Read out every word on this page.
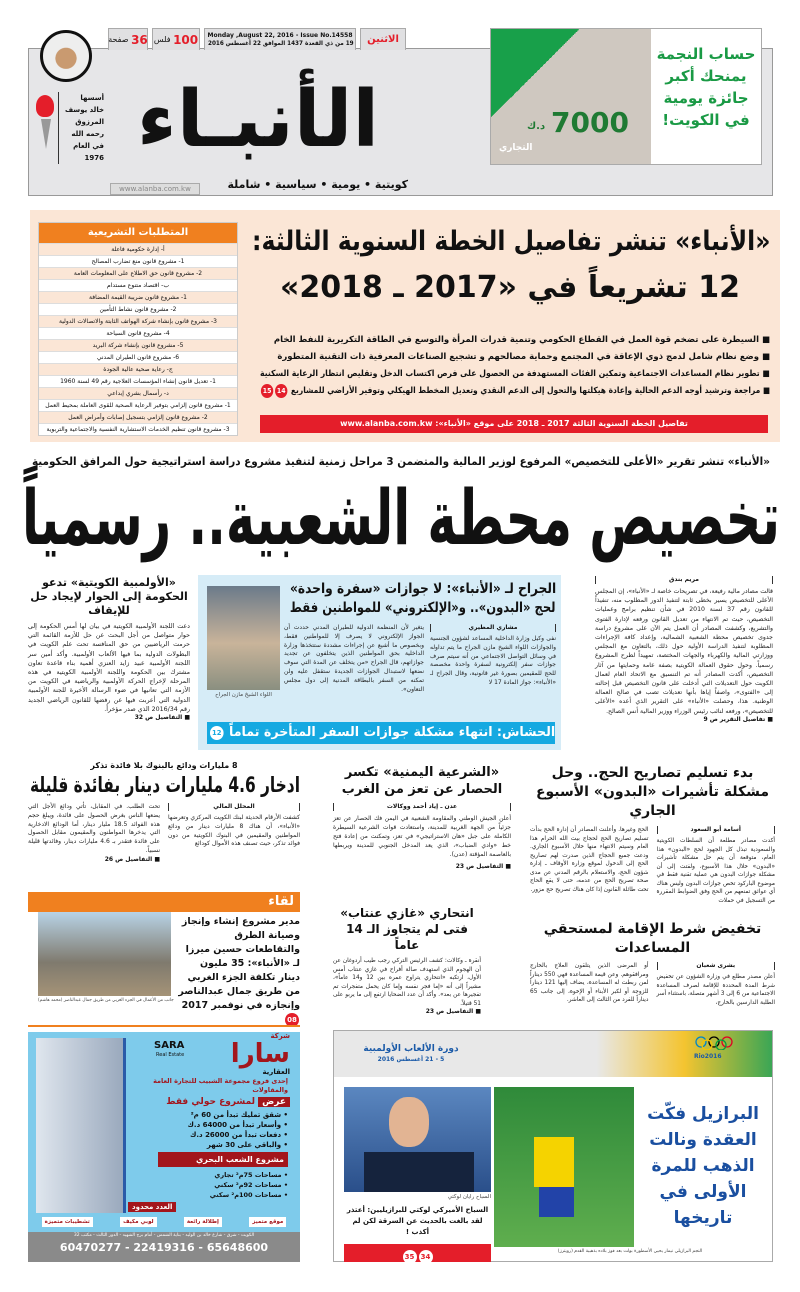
36

صفحة	100

فلس	Monday ,August 22, 2016 - Issue No.14558
19 من ذي القعدة 1437 الموافق 22 أغسطس 2016	الاثنين
أسسها
خالد يوسف
المرزوق
رحمه الله
في العام
1976 الأنبـاء
www.alanba.com.kw	كويتية • يومية • سياسية • شاملة
7000
د.ك
التجاري
حساب النجمة
يمنحك أكبر
جائزة يومية
في الكويت!
المتطلبات التشريعية
أ- إدارة حكومية فاعلة
1- مشروع قانون منع تضارب المصالح
2- مشروع قانون حق الاطلاع على المعلومات العامة
ب- اقتصاد متنوع مستدام
1- مشروع قانون ضريبة القيمة المضافة
2- مشروع قانون نشاط التأمين
3- مشروع قانون بإنشاء شركة الهواتف الثابتة والاتصالات الدولية
4- مشروع قانون السياحة
5- مشروع قانون بإنشاء شركة البريد
6- مشروع قانون الطيران المدني
ج- رعاية صحية عالية الجودة
1- تعديل قانون إنشاء المؤسسات العلاجية رقم 49 لسنة 1960
د- رأسمال بشري إبداعي
1- مشروع قانون إلزامي بتوفير الرعاية الصحية للقوى العاملة بمحيط العمل
2- مشروع قانون إلزامي بتسجيل إصابات وأمراض العمل
3- مشروع قانون تنظيم الخدمات الاستشارية النفسية والاجتماعية والتربوية
«الأنباء» تنشر تفاصيل الخطة السنوية الثالثة:
12 تشريعاً في «2017 ـ 2018»
■ السيطرة على تضخم قوة العمل في القطاع الحكومي وتنمية قدرات المرأة والتوسع في الطاقة التكريرية للنفط الخام
■ وضع نظام شامل لدمج ذوي الإعاقة في المجتمع وحماية مصالحهم و تشجيع الصناعات المعرفية ذات التقنية المتطورة
■ تطوير نظام المساعدات الاجتماعية وتمكين الفئات المستهدفة من الحصول على فرص اكتساب الدخل وتقليص انتظار الرعاية السكنية
■ مراجعة وترشيد أوجه الدعم الحالية وإعادة هيكلتها والتحول إلى الدعم النقدي وتعديل المخطط الهيكلي وتوفير الأراضي للمشاريع 1415
تفاصيل الخطة السنوية الثالثة 2017 ـ 2018 على موقع «الأنباء»: www.alanba.com.kw
«الأنباء» تنشر تقرير «الأعلى للتخصيص» المرفوع لوزير المالية والمتضمن 3 مراحل زمنية لتنفيذ مشروع دراسة استراتيجية حول المرافق الحكومية
تخصيص محطة الشعبية.. رسمياً
مريم بندق
قالت مصادر مالية رفيعة، في تصريحات خاصة لـ «الأنباء»، إن المجلس الأعلى للتخصيص يسير بخطى ثابتة لتنفيذ الدور المطلوب منه، تنفيذاً للقانون رقم 37 لسنة 2010 في شأن تنظيم برامج وعمليات التخصيص، حيث تم الانتهاء من تعديل القانون ورفعه لإدارة الفتوى والتشريع، وكشفت المصادر أن العمل يتم الآن على مشروع دراسة جدوى تخصيص محطة الشعبية الشمالية، وإعداد كافة الإجراءات المطلوبة لتنفيذ الدراسة الأولية حول ذلك، بالتعاون مع المجلس ووزارتي المالية والكهرباء والجهات المختصة، تمهيداً لطرح المشروع رسمياً. وحول حقوق العمالة الكويتية بصفة عامة وحمايتها من آثار التخصيص، أكدت المصادر أنه تم التنسيق مع الاتحاد العام لعمال الكويت حول التعديلات التي أدخلت على قانون التخصيص قبل إحالته إلى «الفتوى»، واصفاً إياها بأنها تعديلات تصب في صالح العمالة الوطنية. هذا، وحصلت «الأنباء» على التقرير الذي أعده «الأعلى للتخصيص»، ورفعه لنائب رئيس الوزراء ووزير المالية أنس الصالح.
■ تفاصيل التقرير ص 9
الجراح لـ «الأنباء»: لا جوازات «سفرة واحدة»
لحج «البدون».. و«الإلكتروني» للمواطنين فقط
مشاري المطيري
نفى وكيل وزارة الداخلية المساعد لشؤون الجنسية والجوازات اللواء الشيخ مازن الجراح ما يتم تداوله في وسائل التواصل الاجتماعي من أنه سيتم صرف جوازات سفر إلكترونية لسفرة واحدة مخصصة للحج للمقيمين بصورة غير قانونية، وقال الجراح لـ «الأنباء»: جواز المادة 17 لا
يتغير لأن المنظمة الدولية للطيران المدني حددت أن الجواز الإلكتروني لا يصرف إلا للمواطنين فقط، وبخصوص ما أشيع عن إجراءات مشددة ستتخذها وزارة الداخلية بحق المواطنين الذين يتخلفون عن تجديد جوازاتهم، قال الجراح «من يتخلف عن المدة التي سوف نضعها لاستبدال الجوازات الجديدة ستقفل عليه ولن تمكنه من السفر بالبطاقة المدنية إلى دول مجلس التعاون».
اللواء الشيخ مازن الجراح
الحشاش: انتهاء مشكلة جوازات السفر المتأخرة تماماً 12
«الأولمبية الكويتية» تدعو الحكومة إلى الحوار لإيجاد حل للإيقاف
دعت اللجنة الأولمبية الكويتية في بيان لها أمس الحكومة إلى حوار متواصل من أجل البحث عن حل للأزمة القائمة التي حرمت الرياضيين من حق المنافسة تحت علم الكويت في البطولات الدولية بما فيها الألعاب الأولمبية. وأكد أمين سر اللجنة الأولمبية عبيد زايد العنزي أهمية بناء قاعدة تعاون مشترك بين الحكومة واللجنة الأولمبية الكويتية في هذه المرحلة لإخراج الحركة الأولمبية والرياضية في الكويت من الأزمة التي تعانيها في ضوء الرسالة الأخيرة للجنة الأولمبية الدولية التي أعربت فيها عن رفضها للقانون الرياضي الجديد رقم 2016/34 الذي صدر مؤخراً.
■ التفاصيل ص 32
8 مليارات ودائع بالبنوك بلا فائدة تذكر
ادخار 4.6 مليارات دينار بفائدة قليلة
المحلل المالي
كشفت الأرقام الحديثة لبنك الكويت المركزي وتعرضها «الأنباء»، أن هناك 8 مليارات دينار من ودائع المواطنين والمقيمين في البنوك الكويتية من دون فوائد تذكر، حيث تصنف هذه الأموال كودائع
تحت الطلب. في المقابل، تأتي ودائع الأجل التي يضعها الناس بغرض الحصول على فائدة، ويبلغ حجم هذه الفوائد 18.5 مليار دينار، أما الودائع الادخارية التي يدخرها المواطنون والمقيمون مقابل الحصول على فائدة فتقدر بـ 4.6 مليارات دينار، وفائدتها قليلة نسبياً.
■ التفاصيل ص 26
«الشرعية اليمنية» تكسر الحصار عن تعز من الغرب
عدن ـ إياد أحمد ووكالات
أعلن الجيش الوطني والمقاومة الشعبية في اليمن فك الحصار عن تعز جزئياً من الجهة الغربية للمدينة، واستعادت قوات الشرعية السيطرة الكاملة على جبل «هان الاستراتيجي» في تعز، وتمكنت من إعادة فتح خط «وادي الضباب»، الذي يعد المدخل الجنوبي للمدينة ويربطها بالعاصمة المؤقتة (عدن).
■ التفاصيل ص 23
بدء تسليم تصاريح الحج.. وحل مشكلة تأشيرات «البدون» الأسبوع الجاري
أسامة أبو السعود
أكدت مصادر مطلعة أن السلطات الكويتية والسعودية تبذل كل الجهود لحج «البدون» هذا العام، متوقعة أن يتم حل مشكلة تأشيرات «البدون» خلال هذا الأسبوع، ولفتت إلى أن مشكلة جوازات البدون هي عملية تقنية فقط في موضوع الباركود تخص جوازات البدون وليس هناك أي عوائق تمنعهم من الحج وفق الضوابط المقررة من التسجيل في حملات
الحج وغيرها. وأعلنت المصادر أن إدارة الحج بدأت تسليم تصاريح الحج لحجاج بيت الله الحرام هذا العام وسيتم الانتهاء منها خلال الأسبوع الجاري. ودعت جميع الحجاج الذين صدرت لهم تصاريح الحج إلى الدخول لموقع وزارة الأوقاف ـ إدارة شؤون الحج، والاستعلام بالرقم المدني عن مدى صحة تصريح الحج من عدمه، حتى لا يقع الحاج تحت طائلة القانون إذا كان هناك تصريح حج مزور.
لقاء
جانب من الأعمال في الجزء الغربي من طريق جمال عبدالناصر (محمد هاشم)
مدير مشروع إنشاء وإنجاز وصيانة الطرق والتقاطعات حسين ميرزا لـ «الأنباء»: 35 مليون دينار تكلفة الجزء الغربي من طريق جمال عبدالناصر وإنجازه في نوفمبر 2017 08
انتحاري «غازي عنتاب» فتى لم يتجاوز الـ 14 عاماً
أنقرة ـ وكالات: كشف الرئيس التركي رجب طيب أردوغان عن أن الهجوم الذي استهدف صالة أفراح في غازي عنتاب أمس الأول، ارتكبه «انتحاري يتراوح عمره بين 12 و14 عاماً»، مشيراً إلى أنه «إما فجر نفسه وإما كان يحمل متفجرات تم تفجيرها عن بعد». وأكد أن عدد الضحايا ارتفع إلى ما يربو على 51 قتيلاً.
■ التفاصيل ص 23
تخفيض شرط الإقامة لمستحقي المساعدات
بشرى شعبان
أعلن مصدر مطلع في وزارة الشؤون عن تخفيض شرط المدة المحددة للإقامة لصرف المساعدة الاجتماعية من 6 إلى 3 أشهر متصلة، باستثناء أسر الطلبة الدارسين بالخارج،
أو المرضى الذين يتلقون العلاج بالخارج ومرافقوهم. وعن قيمة المساعدة فهي 550 ديناراً لمن ربطت له المساعدة، يضاف إليها 121 ديناراً للزوجة أو لكبر الأبناء أو الإخوة، إلى جانب 65 ديناراً للفرد من الثالث إلى العاشر.
شركة
سارا
SARA
Real Estate
العقارية
إحدى فروع مجموعة الشبيب للتجارة العامة والمقاولات
عرض لمشروع حولي فقط
• شقق تمليك تبدأ من 60 م²
• وأسعار تبدأ من 64000 د.ك
• دفعات تبدأ من 26000 د.ك
• والباقي على 30 شهر
مشروع الشعب البحري
• مساحات 75م² تجاري
• مساحات 92م² سكني
• مساحات 100م² سكني
العدد محدود
موقع متميز
إطلالة رائعة
لوبي مكيف
تشطيبات متميزة
الكويت - شرق - شارع خالد بن الوليد - بناية الشمس - أمام برج الشهيد - الدور الثالث - مكتب 32
60470277 - 22419316 - 65648600
دورة الألعاب الأولمبية
5 - 21 أغسطس 2016	Rio2016
البرازيل فكّت العقدة ونالت الذهب للمرة الأولى في تاريخها
النجم البرازيلي نيمار يحيي الأسطورة بولت بعد فوز بلاده بذهبية القدم (رويترز)
السباح رايان لوكتي
السباح الأميركي لوكتي للبرازيليين: أعتذر لقد بالغت بالحديث عن السرقة لكن لم أكذب !
35 34
